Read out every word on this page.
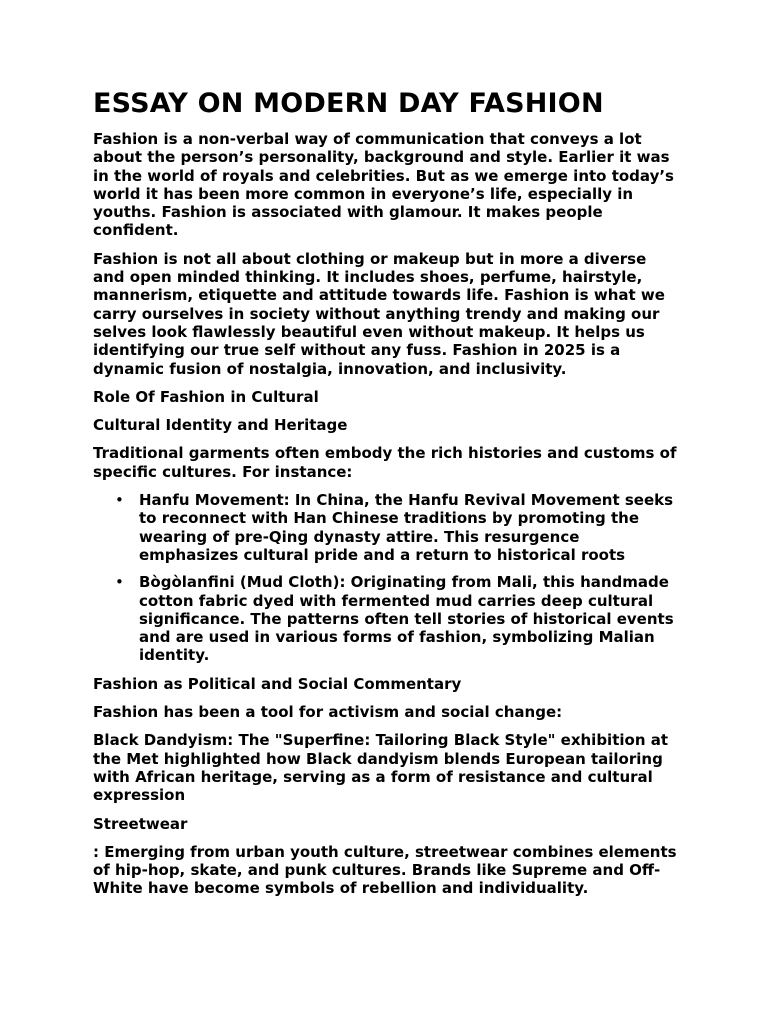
ESSAY ON MODERN DAY FASHION

Fashion is a non-verbal way of communication that conveys a lot about the person’s personality, background and style. Earlier it was in the world of royals and celebrities. But as we emerge into today’s world it has been more common in everyone’s life, especially in youths. Fashion is associated with glamour. It makes people confident.

Fashion is not all about clothing or makeup but in more a diverse and open minded thinking. It includes shoes, perfume, hairstyle, mannerism, etiquette and attitude towards life. Fashion is what we carry ourselves in society without anything trendy and making our selves look flawlessly beautiful even without makeup. It helps us identifying our true self without any fuss. Fashion in 2025 is a dynamic fusion of nostalgia, innovation, and inclusivity.

Role Of Fashion in Cultural

Cultural Identity and Heritage

Traditional garments often embody the rich histories and customs of specific cultures. For instance:

• Hanfu Movement: In China, the Hanfu Revival Movement seeks to reconnect with Han Chinese traditions by promoting the wearing of pre-Qing dynasty attire. This resurgence emphasizes cultural pride and a return to historical roots
• Bògòlanfini (Mud Cloth): Originating from Mali, this handmade cotton fabric dyed with fermented mud carries deep cultural significance. The patterns often tell stories of historical events and are used in various forms of fashion, symbolizing Malian identity.

Fashion as Political and Social Commentary

Fashion has been a tool for activism and social change:

Black Dandyism: The "Superfine: Tailoring Black Style" exhibition at the Met highlighted how Black dandyism blends European tailoring with African heritage, serving as a form of resistance and cultural expression

Streetwear

: Emerging from urban youth culture, streetwear combines elements of hip-hop, skate, and punk cultures. Brands like Supreme and Off-White have become symbols of rebellion and individuality.
